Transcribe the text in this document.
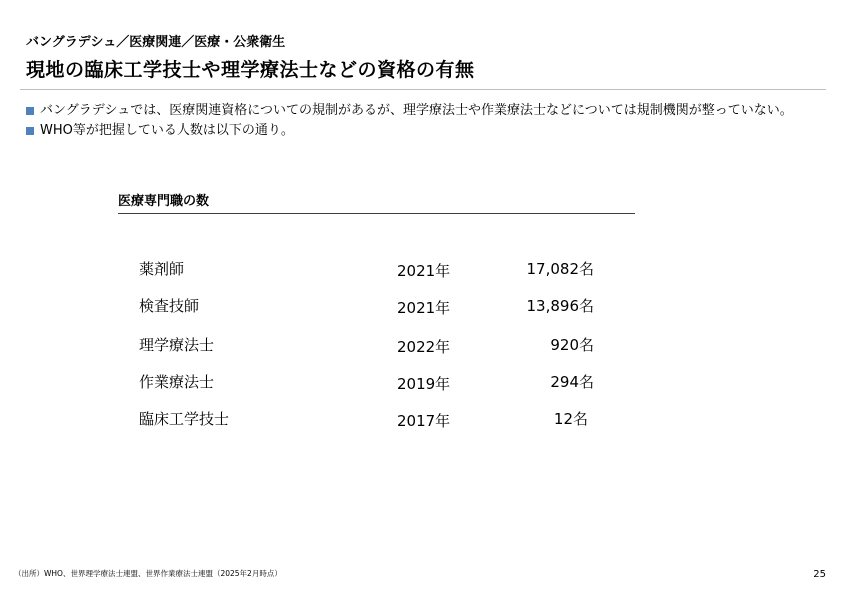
バングラデシュ／医療関連／医療・公衆衛生
現地の臨床工学技士や理学療法士などの資格の有無
バングラデシュでは、医療関連資格についての規制があるが、理学療法士や作業療法士などについては規制機関が整っていない。
WHO等が把握している人数は以下の通り。
医療専門職の数
薬剤師	2021年	17,082名
検査技師	2021年	13,896名
理学療法士	2022年	920名
作業療法士	2019年	294名
臨床工学技士	2017年	12名
（出所）WHO、世界理学療法士連盟、世界作業療法士連盟（2025年2月時点）	25
